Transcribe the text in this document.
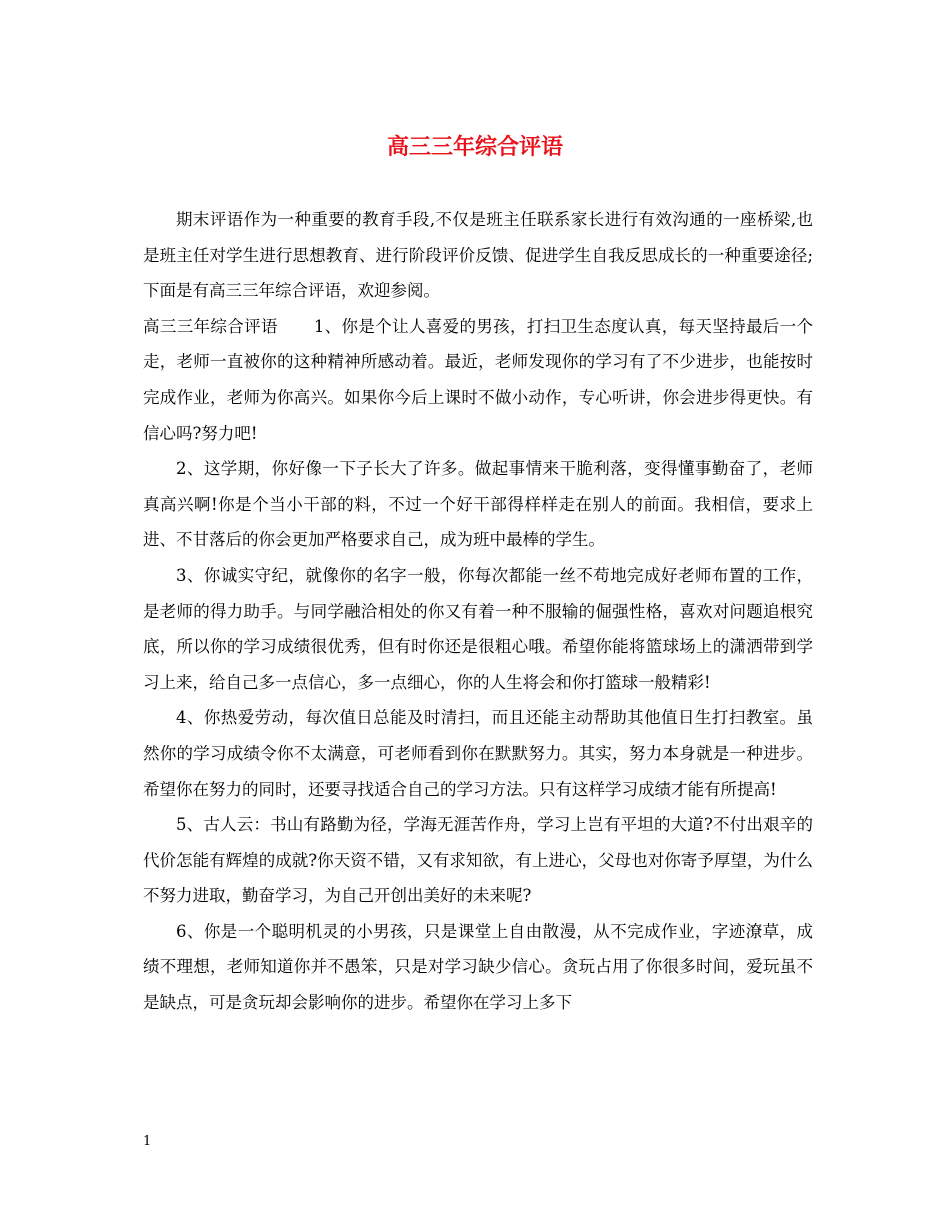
高三三年综合评语

期末评语作为一种重要的教育手段,不仅是班主任联系家长进行有效沟通的一座桥梁,也是班主任对学生进行思想教育、进行阶段评价反馈、促进学生自我反思成长的一种重要途径;下面是有高三三年综合评语，欢迎参阅。

高三三年综合评语 1、你是个让人喜爱的男孩，打扫卫生态度认真，每天坚持最后一个走，老师一直被你的这种精神所感动着。最近，老师发现你的学习有了不少进步，也能按时完成作业，老师为你高兴。如果你今后上课时不做小动作，专心听讲，你会进步得更快。有信心吗?努力吧!

2、这学期，你好像一下子长大了许多。做起事情来干脆利落，变得懂事勤奋了，老师真高兴啊!你是个当小干部的料，不过一个好干部得样样走在别人的前面。我相信，要求上进、不甘落后的你会更加严格要求自己，成为班中最棒的学生。

3、你诚实守纪，就像你的名字一般，你每次都能一丝不苟地完成好老师布置的工作，是老师的得力助手。与同学融洽相处的你又有着一种不服输的倔强性格，喜欢对问题追根究底，所以你的学习成绩很优秀，但有时你还是很粗心哦。希望你能将篮球场上的潇洒带到学习上来，给自己多一点信心，多一点细心，你的人生将会和你打篮球一般精彩!

4、你热爱劳动，每次值日总能及时清扫，而且还能主动帮助其他值日生打扫教室。虽然你的学习成绩令你不太满意，可老师看到你在默默努力。其实，努力本身就是一种进步。希望你在努力的同时，还要寻找适合自己的学习方法。只有这样学习成绩才能有所提高!

5、古人云：书山有路勤为径，学海无涯苦作舟，学习上岂有平坦的大道?不付出艰辛的代价怎能有辉煌的成就?你天资不错，又有求知欲，有上进心，父母也对你寄予厚望，为什么不努力进取，勤奋学习，为自己开创出美好的未来呢?

6、你是一个聪明机灵的小男孩，只是课堂上自由散漫，从不完成作业，字迹潦草，成绩不理想，老师知道你并不愚笨，只是对学习缺少信心。贪玩占用了你很多时间，爱玩虽不是缺点，可是贪玩却会影响你的进步。希望你在学习上多下

1
